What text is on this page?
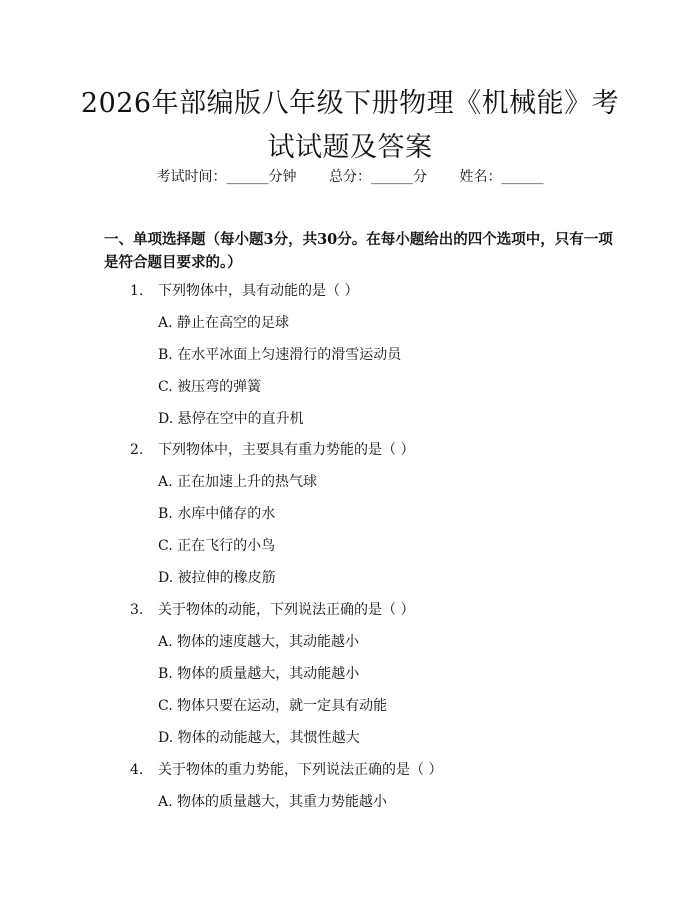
2026年部编版八年级下册物理《机械能》考试试题及答案
考试时间：______分钟 总分：______分 姓名：______
一、单项选择题（每小题3分，共30分。在每小题给出的四个选项中，只有一项是符合题目要求的。）
1. 下列物体中，具有动能的是（ ）
A. 静止在高空的足球
B. 在水平冰面上匀速滑行的滑雪运动员
C. 被压弯的弹簧
D. 悬停在空中的直升机
2. 下列物体中，主要具有重力势能的是（ ）
A. 正在加速上升的热气球
B. 水库中储存的水
C. 正在飞行的小鸟
D. 被拉伸的橡皮筋
3. 关于物体的动能，下列说法正确的是（ ）
A. 物体的速度越大，其动能越小
B. 物体的质量越大，其动能越小
C. 物体只要在运动，就一定具有动能
D. 物体的动能越大，其惯性越大
4. 关于物体的重力势能，下列说法正确的是（ ）
A. 物体的质量越大，其重力势能越小
